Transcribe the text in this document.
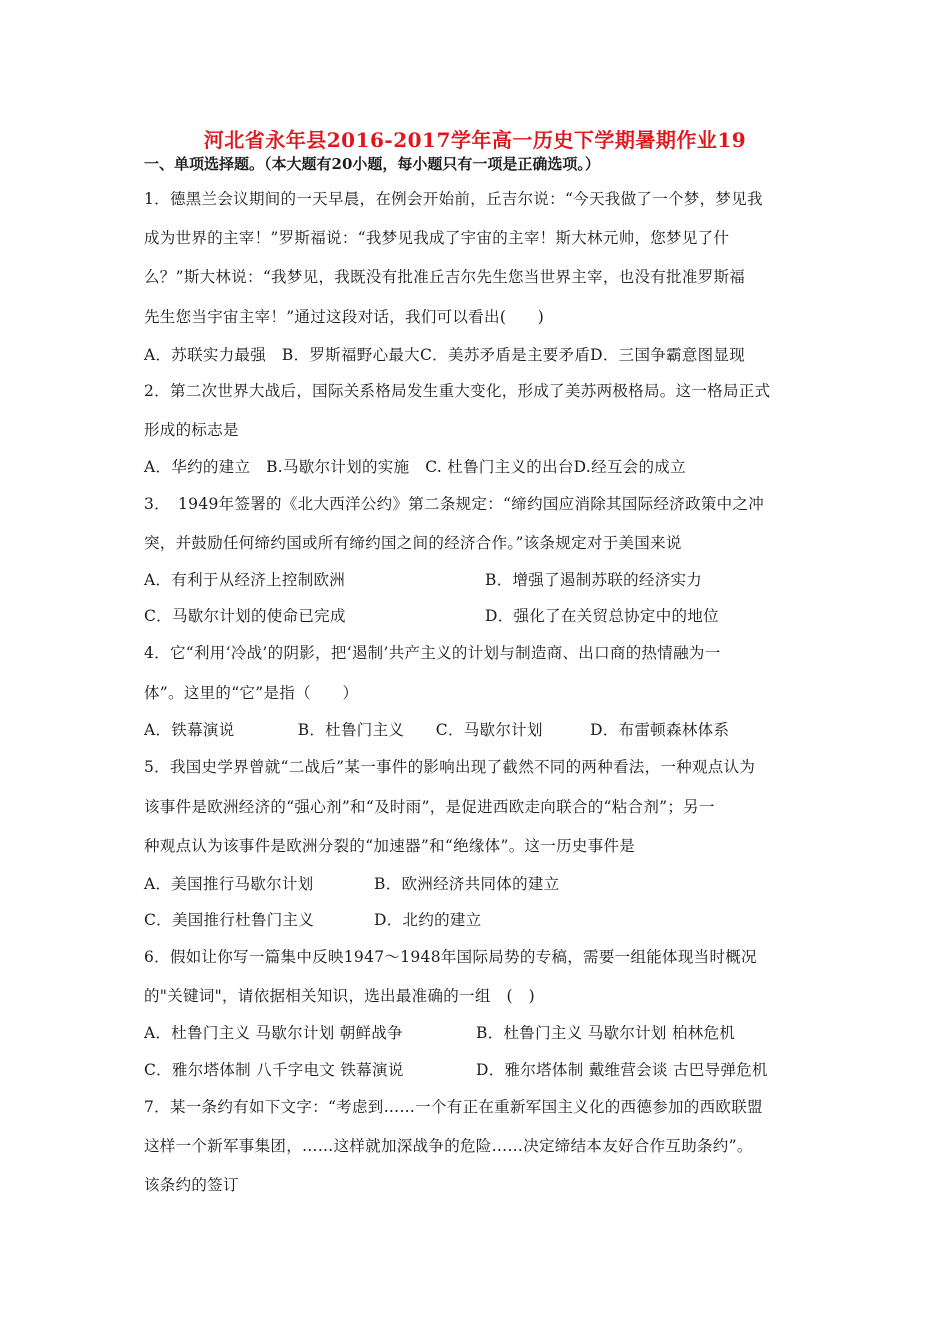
河北省永年县2016-2017学年高一历史下学期暑期作业19
一、单项选择题。（本大题有20小题，每小题只有一项是正确选项。）
1．德黑兰会议期间的一天早晨，在例会开始前，丘吉尔说：“今天我做了一个梦，梦见我
成为世界的主宰！”罗斯福说：“我梦见我成了宇宙的主宰！斯大林元帅，您梦见了什
么？”斯大林说：“我梦见，我既没有批准丘吉尔先生您当世界主宰，也没有批准罗斯福
先生您当宇宙主宰！”通过这段对话，我们可以看出(　　)
A．苏联实力最强　B．罗斯福野心最大C．美苏矛盾是主要矛盾D．三国争霸意图显现
2．第二次世界大战后，国际关系格局发生重大变化，形成了美苏两极格局。这一格局正式
形成的标志是
A．华约的建立　B.马歇尔计划的实施　C. 杜鲁门主义的出台D.经互会的成立
3．　1949年签署的《北大西洋公约》第二条规定：“缔约国应消除其国际经济政策中之冲
突，并鼓励任何缔约国或所有缔约国之间的经济合作。”该条规定对于美国来说
A．有利于从经济上控制欧洲	B．增强了遏制苏联的经济实力
C．马歇尔计划的使命已完成	D．强化了在关贸总协定中的地位
4．它“利用‘冷战’的阴影，把‘遏制’共产主义的计划与制造商、出口商的热情融为一
体”。这里的“它”是指（　　）
A．铁幕演说　　　　B．杜鲁门主义　　C．马歇尔计划　　　D．布雷顿森林体系
5．我国史学界曾就“二战后”某一事件的影响出现了截然不同的两种看法，一种观点认为
该事件是欧洲经济的“强心剂”和“及时雨”，是促进西欧走向联合的“粘合剂”；另一
种观点认为该事件是欧洲分裂的“加速器”和“绝缘体”。这一历史事件是
A．美国推行马歇尔计划	B．欧洲经济共同体的建立
C．美国推行杜鲁门主义	D．北约的建立
6．假如让你写一篇集中反映1947～1948年国际局势的专稿，需要一组能体现当时概况
的"关键词"，请依据相关知识，选出最准确的一组　(　)
A．杜鲁门主义 马歇尔计划 朝鲜战争	B．杜鲁门主义 马歇尔计划 柏林危机
C．雅尔塔体制 八千字电文 铁幕演说	D．雅尔塔体制 戴维营会谈 古巴导弹危机
7．某一条约有如下文字：“考虑到……一个有正在重新军国主义化的西德参加的西欧联盟
这样一个新军事集团，……这样就加深战争的危险……决定缔结本友好合作互助条约”。
该条约的签订
